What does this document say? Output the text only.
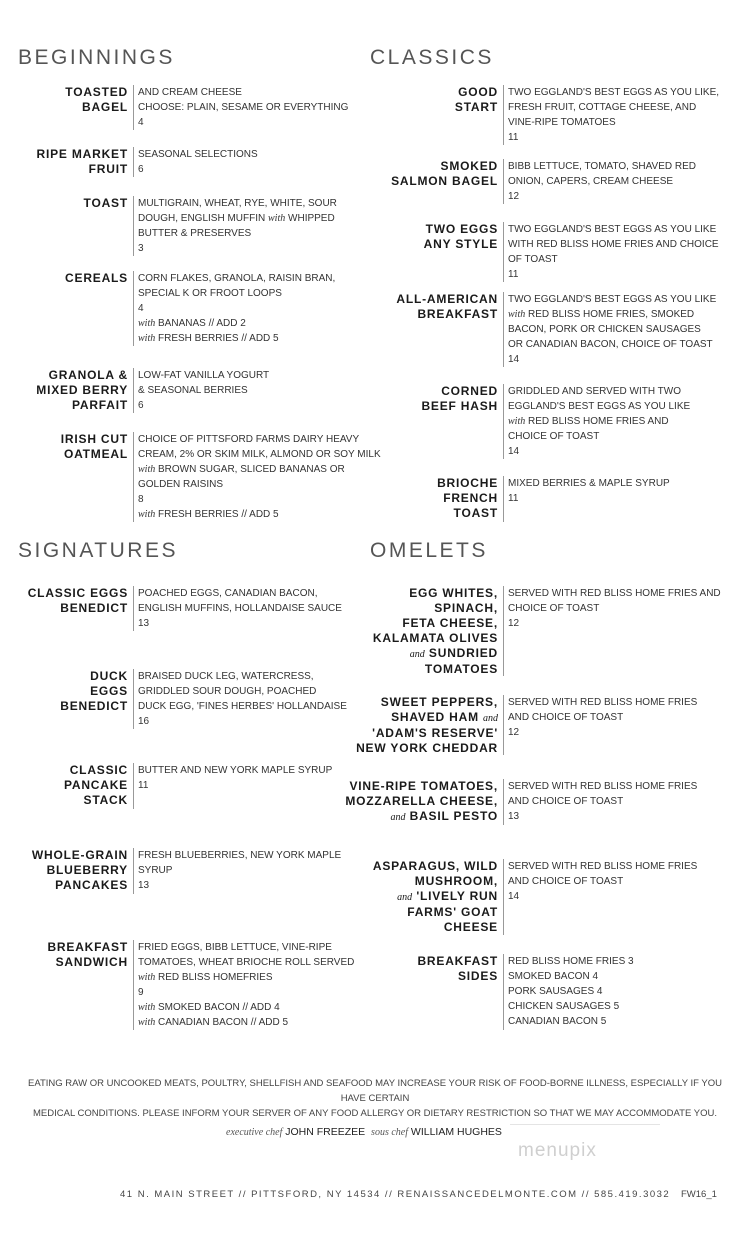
BEGINNINGS	CLASSICS
SIGNATURES	OMELETS
TOASTED
BAGEL
AND CREAM CHEESE
CHOOSE: PLAIN, SESAME OR EVERYTHING
4
RIPE MARKET
FRUIT
SEASONAL SELECTIONS
6
TOAST	MULTIGRAIN, WHEAT, RYE, WHITE, SOUR
DOUGH, ENGLISH MUFFIN with WHIPPED
BUTTER & PRESERVES
3
CEREALS	CORN FLAKES, GRANOLA, RAISIN BRAN,
SPECIAL K OR FROOT LOOPS
4
with BANANAS // ADD 2
with FRESH BERRIES // ADD 5
GRANOLA &
MIXED BERRY
PARFAIT
LOW-FAT VANILLA YOGURT
& SEASONAL BERRIES
6
IRISH CUT
OATMEAL
CHOICE OF PITTSFORD FARMS DAIRY HEAVY
CREAM, 2% OR SKIM MILK, ALMOND OR SOY MILK
with BROWN SUGAR, SLICED BANANAS OR
GOLDEN RAISINS
8
with FRESH BERRIES // ADD 5
GOOD
START
TWO EGGLAND'S BEST EGGS AS YOU LIKE,
FRESH FRUIT, COTTAGE CHEESE, AND
VINE-RIPE TOMATOES
11
SMOKED
SALMON BAGEL
BIBB LETTUCE, TOMATO, SHAVED RED
ONION, CAPERS, CREAM CHEESE
12
TWO EGGS
ANY STYLE
TWO EGGLAND'S BEST EGGS AS YOU LIKE
WITH RED BLISS HOME FRIES AND CHOICE
OF TOAST
11
ALL-AMERICAN
BREAKFAST
TWO EGGLAND'S BEST EGGS AS YOU LIKE
with RED BLISS HOME FRIES, SMOKED
BACON, PORK OR CHICKEN SAUSAGES
OR CANADIAN BACON, CHOICE OF TOAST
14
CORNED
BEEF HASH
GRIDDLED AND SERVED WITH TWO
EGGLAND'S BEST EGGS AS YOU LIKE
with RED BLISS HOME FRIES AND
CHOICE OF TOAST
14
BRIOCHE
FRENCH
TOAST
MIXED BERRIES & MAPLE SYRUP
11
CLASSIC EGGS
BENEDICT
POACHED EGGS, CANADIAN BACON,
ENGLISH MUFFINS, HOLLANDAISE SAUCE
13
DUCK
EGGS
BENEDICT
BRAISED DUCK LEG, WATERCRESS,
GRIDDLED SOUR DOUGH, POACHED
DUCK EGG, 'FINES HERBES' HOLLANDAISE
16
CLASSIC
PANCAKE
STACK
BUTTER AND NEW YORK MAPLE SYRUP
11
WHOLE-GRAIN
BLUEBERRY
PANCAKES
FRESH BLUEBERRIES, NEW YORK MAPLE
SYRUP
13
BREAKFAST
SANDWICH
FRIED EGGS, BIBB LETTUCE, VINE-RIPE
TOMATOES, WHEAT BRIOCHE ROLL SERVED
with RED BLISS HOMEFRIES
9
with SMOKED BACON // ADD 4
with CANADIAN BACON // ADD 5
EGG WHITES,
SPINACH,
FETA CHEESE,
KALAMATA OLIVES
and SUNDRIED
TOMATOES
SERVED WITH RED BLISS HOME FRIES AND
CHOICE OF TOAST
12
SWEET PEPPERS,
SHAVED HAM and
'ADAM'S RESERVE'
NEW YORK CHEDDAR
SERVED WITH RED BLISS HOME FRIES
AND CHOICE OF TOAST
12
VINE-RIPE TOMATOES,
MOZZARELLA CHEESE,
and BASIL PESTO
SERVED WITH RED BLISS HOME FRIES
AND CHOICE OF TOAST
13
ASPARAGUS, WILD
MUSHROOM,
and 'LIVELY RUN
FARMS' GOAT
CHEESE
SERVED WITH RED BLISS HOME FRIES
AND CHOICE OF TOAST
14
BREAKFAST
SIDES
RED BLISS HOME FRIES 3
SMOKED BACON 4
PORK SAUSAGES 4
CHICKEN SAUSAGES 5
CANADIAN BACON 5
EATING RAW OR UNCOOKED MEATS, POULTRY, SHELLFISH AND SEAFOOD MAY INCREASE YOUR RISK OF FOOD-BORNE ILLNESS, ESPECIALLY IF YOU HAVE CERTAIN
MEDICAL CONDITIONS. PLEASE INFORM YOUR SERVER OF ANY FOOD ALLERGY OR DIETARY RESTRICTION SO THAT WE MAY ACCOMMODATE YOU.
executive chef JOHN FREEZEE sous chef WILLIAM HUGHES
menupix
41 N. MAIN STREET // PITTSFORD, NY 14534 // RENAISSANCEDELMONTE.COM // 585.419.3032 FW16_1
